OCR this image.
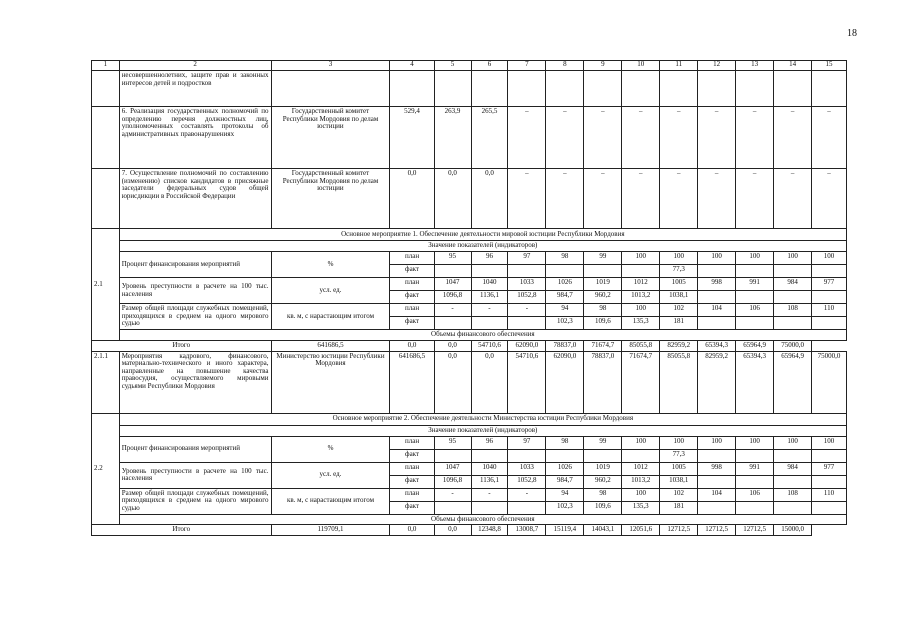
18
1	2	3	4	5	6	7	8	9	10	11	12	13	14	15
	несовершеннолетних, защите прав и законных интересов детей и подростков													
	6. Реализация государственных полномочий по определению перечня должностных лиц, уполномоченных составлять протоколы об административных правонарушениях	Государственный комитет Республики Мордовия по делам юстиции	529,4	263,9	265,5	–	–	–	–	–	–	–	–	–
	7. Осуществление полномочий по составлению (изменению) списков кандидатов в присяжные заседатели федеральных судов общей юрисдикции в Российской Федерации	Государственный комитет Республики Мордовия по делам юстиции	0,0	0,0	0,0	–	–	–	–	–	–	–	–	–
2.1	Основное мероприятие 1. Обеспечение деятельности мировой юстиции Республики Мордовия													
	Значение показателей (индикаторов)													
	Процент финансирования мероприятий	%	план	95	96	97	98	99	100	100	100	100	100	100
			факт							77,3				
	Уровень преступности в расчете на 100 тыс. населения	усл. ед.	план	1047	1040	1033	1026	1019	1012	1005	998	991	984	977
			факт	1096,8	1136,1	1052,8	984,7	960,2	1013,2	1038,1				
	Размер общей площади служебных помещений, приходящихся в среднем на одного мирового судью	кв. м, с нарастающим итогом	план	-	-	-	94	98	100	102	104	106	108	110
			факт				102,3	109,6	135,3	181				
	Объемы финансового обеспечения													
Итого		641686,5	0,0	0,0	54710,6	62090,0	78837,0	71674,7	85055,8	82959,2	65394,3	65964,9	75000,0	
2.1.1	Мероприятия кадрового, финансового, материально-технического и иного характера, направленные на повышение качества правосудия, осуществляемого мировыми судьями Республики Мордовия	Министерство юстиции Республики Мордовия	641686,5	0,0	0,0	54710,6	62090,0	78837,0	71674,7	85055,8	82959,2	65394,3	65964,9	75000,0
2.2	Основное мероприятие 2. Обеспечение деятельности Министерства юстиции Республики Мордовия													
	Значение показателей (индикаторов)													
	Процент финансирования мероприятий	%	план	95	96	97	98	99	100	100	100	100	100	100
			факт							77,3				
	Уровень преступности в расчете на 100 тыс. населения	усл. ед.	план	1047	1040	1033	1026	1019	1012	1005	998	991	984	977
			факт	1096,8	1136,1	1052,8	984,7	960,2	1013,2	1038,1				
	Размер общей площади служебных помещений, приходящихся в среднем на одного мирового судью	кв. м, с нарастающим итогом	план	-	-	-	94	98	100	102	104	106	108	110
			факт				102,3	109,6	135,3	181				
	Объемы финансового обеспечения													
Итого		119709,1	0,0	0,0	12348,8	13008,7	15119,4	14043,1	12051,6	12712,5	12712,5	12712,5	15000,0	
